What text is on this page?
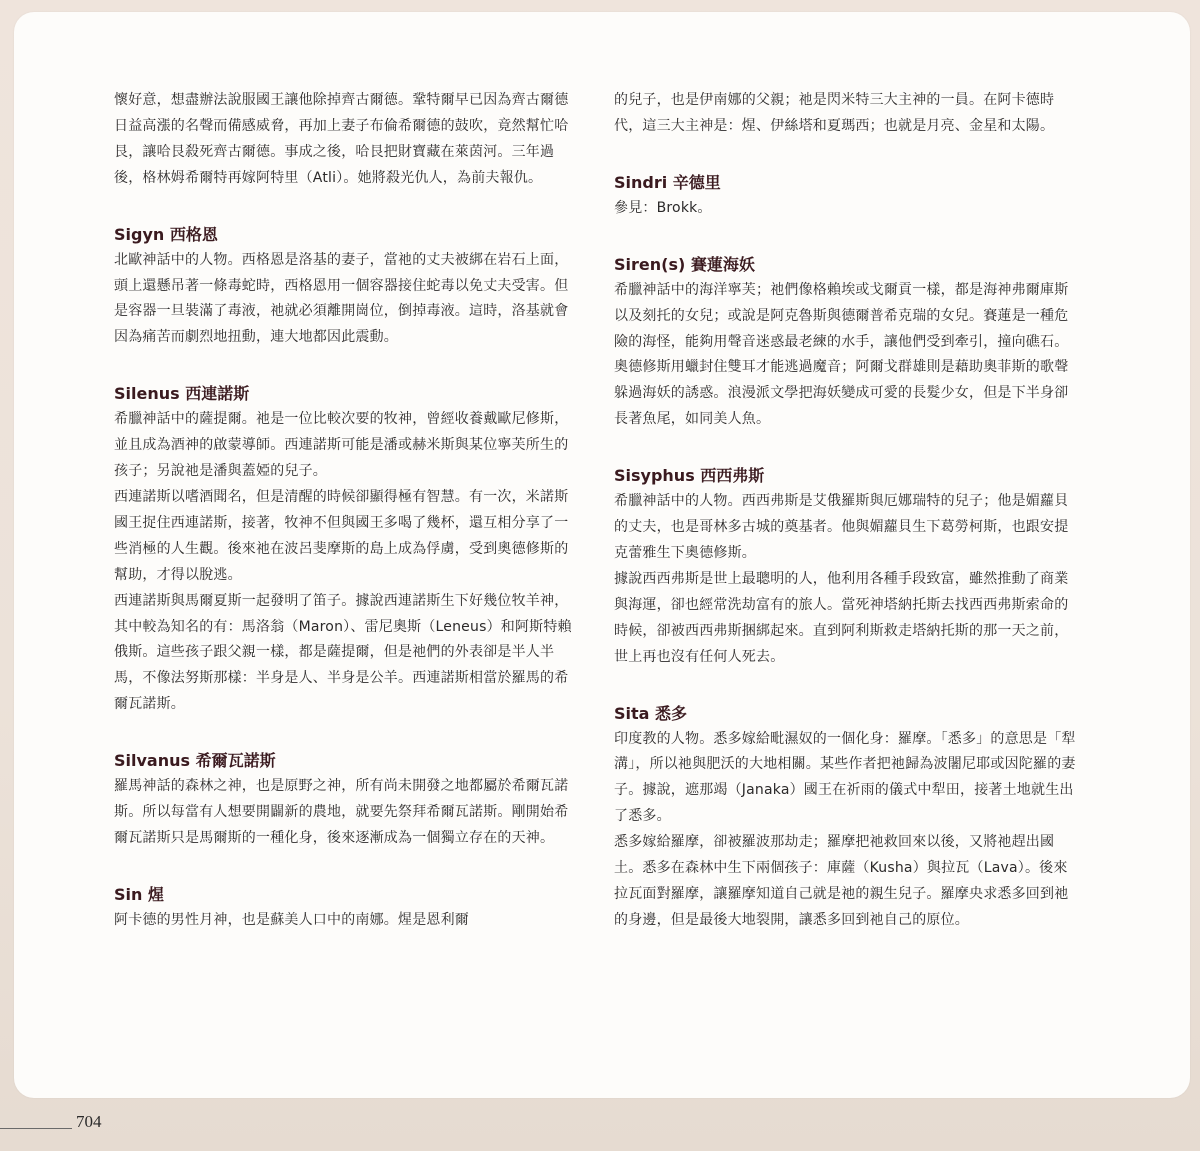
懷好意，想盡辦法說服國王讓他除掉齊古爾德。鞏特爾早已因為齊古爾德日益高漲的名聲而備感威脅，再加上妻子布倫希爾德的鼓吹，竟然幫忙哈艮，讓哈艮殺死齊古爾德。事成之後，哈艮把財寶藏在萊茵河。三年過後，格林姆希爾特再嫁阿特里（Atli）。她將殺光仇人，為前夫報仇。

Sigyn 西格恩

北歐神話中的人物。西格恩是洛基的妻子，當祂的丈夫被綁在岩石上面，頭上還懸吊著一條毒蛇時，西格恩用一個容器接住蛇毒以免丈夫受害。但是容器一旦裝滿了毒液，祂就必須離開崗位，倒掉毒液。這時，洛基就會因為痛苦而劇烈地扭動，連大地都因此震動。

Silenus 西連諾斯

希臘神話中的薩提爾。祂是一位比較次要的牧神，曾經收養戴歐尼修斯，並且成為酒神的啟蒙導師。西連諾斯可能是潘或赫米斯與某位寧芙所生的孩子；另說祂是潘與蓋婭的兒子。

西連諾斯以嗜酒聞名，但是清醒的時候卻顯得極有智慧。有一次，米諾斯國王捉住西連諾斯，接著，牧神不但與國王多喝了幾杯，還互相分享了一些消極的人生觀。後來祂在波呂斐摩斯的島上成為俘虜，受到奧德修斯的幫助，才得以脫逃。

西連諾斯與馬爾夏斯一起發明了笛子。據說西連諾斯生下好幾位牧羊神，其中較為知名的有：馬洛翁（Maron）、雷尼奧斯（Leneus）和阿斯特賴俄斯。這些孩子跟父親一樣，都是薩提爾，但是祂們的外表卻是半人半馬，不像法努斯那樣：半身是人、半身是公羊。西連諾斯相當於羅馬的希爾瓦諾斯。

Silvanus 希爾瓦諾斯

羅馬神話的森林之神，也是原野之神，所有尚未開發之地都屬於希爾瓦諾斯。所以每當有人想要開闢新的農地，就要先祭拜希爾瓦諾斯。剛開始希爾瓦諾斯只是馬爾斯的一種化身，後來逐漸成為一個獨立存在的天神。

Sin 煋

阿卡德的男性月神，也是蘇美人口中的南娜。煋是恩利爾

的兒子，也是伊南娜的父親；祂是閃米特三大主神的一員。在阿卡德時代，這三大主神是：煋、伊絲塔和夏瑪西；也就是月亮、金星和太陽。

Sindri 辛德里

參見：Brokk。

Siren(s) 賽蓮海妖

希臘神話中的海洋寧芙；祂們像格賴埃或戈爾貢一樣，都是海神弗爾庫斯以及刻托的女兒；或說是阿克魯斯與德爾普希克瑞的女兒。賽蓮是一種危險的海怪，能夠用聲音迷惑最老練的水手，讓他們受到牽引，撞向礁石。

奧德修斯用蠟封住雙耳才能逃過魔音；阿爾戈群雄則是藉助奧菲斯的歌聲躲過海妖的誘惑。浪漫派文學把海妖變成可愛的長髮少女，但是下半身卻長著魚尾，如同美人魚。

Sisyphus 西西弗斯

希臘神話中的人物。西西弗斯是艾俄羅斯與厄娜瑞特的兒子；他是媚蘿貝的丈夫，也是哥林多古城的奠基者。他與媚蘿貝生下葛勞柯斯，也跟安提克蕾雅生下奧德修斯。

據說西西弗斯是世上最聰明的人，他利用各種手段致富，雖然推動了商業與海運，卻也經常洗劫富有的旅人。當死神塔納托斯去找西西弗斯索命的時候，卻被西西弗斯捆綁起來。直到阿利斯救走塔納托斯的那一天之前，世上再也沒有任何人死去。

Sita 悉多

印度教的人物。悉多嫁給毗濕奴的一個化身：羅摩。「悉多」的意思是「犁溝」，所以祂與肥沃的大地相關。某些作者把祂歸為波闍尼耶或因陀羅的妻子。據說，遮那竭（Janaka）國王在祈雨的儀式中犁田，接著土地就生出了悉多。

悉多嫁給羅摩，卻被羅波那劫走；羅摩把祂救回來以後，又將祂趕出國土。悉多在森林中生下兩個孩子：庫薩（Kusha）與拉瓦（Lava）。後來拉瓦面對羅摩，讓羅摩知道自己就是祂的親生兒子。羅摩央求悉多回到祂的身邊，但是最後大地裂開，讓悉多回到祂自己的原位。

704
